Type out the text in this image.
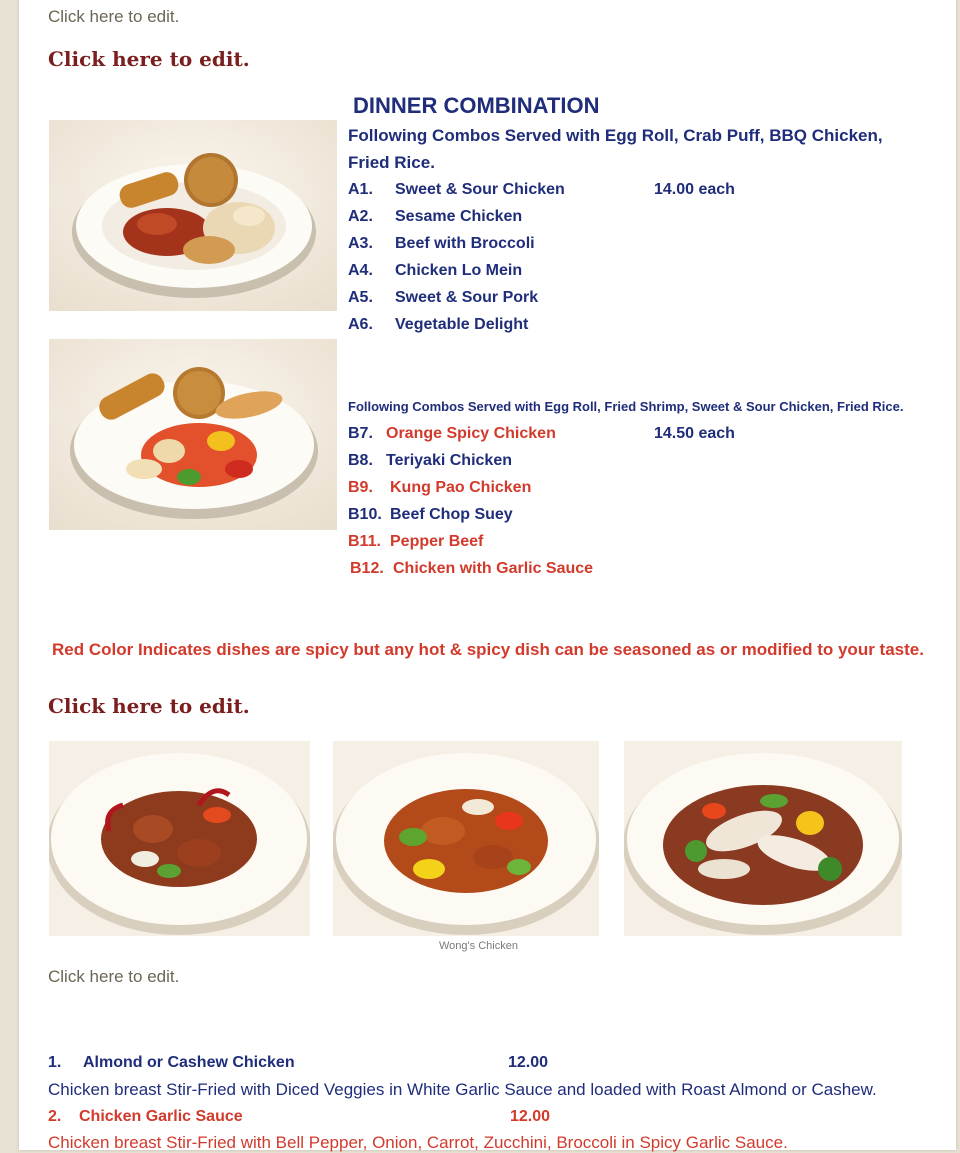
Click here to edit.
Click here to edit.
DINNER COMBINATION
Following Combos Served with Egg Roll, Crab Puff, BBQ Chicken,
Fried Rice.
A1. Sweet & Sour Chicken	14.00 each
A2. Sesame Chicken
A3. Beef with Broccoli
A4. Chicken Lo Mein
A5. Sweet & Sour Pork
A6. Vegetable Delight
Following Combos Served with Egg Roll, Fried Shrimp, Sweet & Sour Chicken, Fried Rice.
B7. Orange Spicy Chicken	14.50 each
B8. Teriyaki Chicken
B9. Kung Pao Chicken
B10. Beef Chop Suey
B11. Pepper Beef
B12. Chicken with Garlic Sauce
Red Color Indicates dishes are spicy but any hot & spicy dish can be seasoned as or modified to your taste.
Click here to edit.
Wong's Chicken
Click here to edit.
1. Almond or Cashew Chicken	12.00
Chicken breast Stir-Fried with Diced Veggies in White Garlic Sauce and loaded with Roast Almond or Cashew.
2. Chicken Garlic Sauce	12.00
Chicken breast Stir-Fried with Bell Pepper, Onion, Carrot, Zucchini, Broccoli in Spicy Garlic Sauce.
